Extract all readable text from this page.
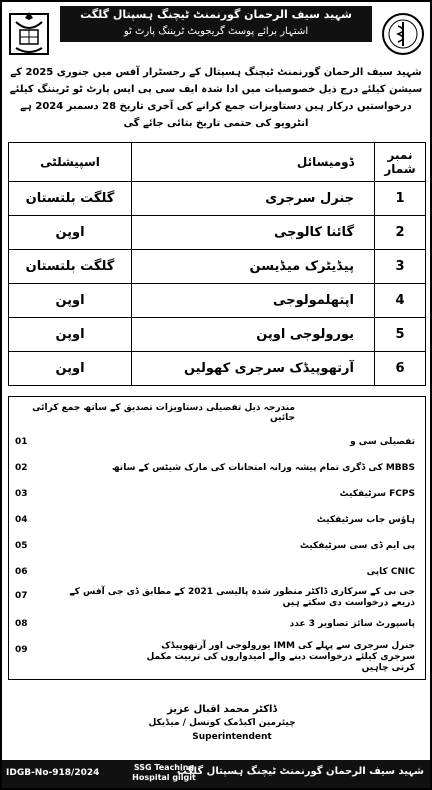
شہید سیف الرحمان گورنمنٹ ٹیچنگ ہسپتال گلگت
اشتہار برائے پوسٹ گریجویٹ ٹریننگ پارٹ ٹو
شہید سیف الرحمان گورنمنٹ ٹیچنگ ہسپتال کے رجسٹرار آفس میں جنوری 2025 کے سیشن کیلئے درج ذیل خصوصیات میں ادا شدہ ایف سی پی ایس پارٹ ٹو ٹریننگ کیلئے درخواستیں درکار ہیں دستاویزات جمع کرانے کی آخری تاریخ 28 دسمبر 2024 ہے انٹرویو کی حتمی تاریخ بتائی جائے گی
نمبر شمار	ڈومیسائل	اسپیشلٹی
1	جنرل سرجری	گلگت بلتستان
2	گائنا کالوجی	اوپن
3	پیڈیٹرک میڈیسن	گلگت بلتستان
4	اپتھلمولوجی	اوپن
5	یورولوجی اوپن	اوپن
6	آرتھوپیڈک سرجری کھولیں	اوپن
مندرجہ ذیل تفصیلی دستاویزات تصدیق کے ساتھ جمع کرائی جائیں
01	تفصیلی سی و
02	MBBS کی ڈگری تمام پیشہ ورانہ امتحانات کی مارک شیٹس کے ساتھ
03	FCPS سرٹیفکیٹ
04	ہاؤس جاب سرٹیفکیٹ
05	پی ایم ڈی سی سرٹیفکیٹ
06	CNIC کاپی
07	جی بی کے سرکاری ڈاکٹر منظور شدہ پالیسی 2021 کے مطابق ڈی جی آفس کے ذریعے درخواست دی سکتے ہیں
08	پاسپورٹ سائز تصاویر 3 عدد
09	جنرل سرجری سے پہلے کی IMM یورولوجی اور آرتھوپیڈک سرجری کیلئے درخواست دینے والے امیدواروں کی تربیت مکمل کرنی چاہیں
ڈاکٹر محمد اقبال عزیز
چیئرمین اکیڈمک کونسل / میڈیکل
Superintendent
IDGB-No-918/2024
SSG Teaching
Hospital gilgit
شہید سیف الرحمان گورنمنٹ ٹیچنگ ہسپتال گلگت
